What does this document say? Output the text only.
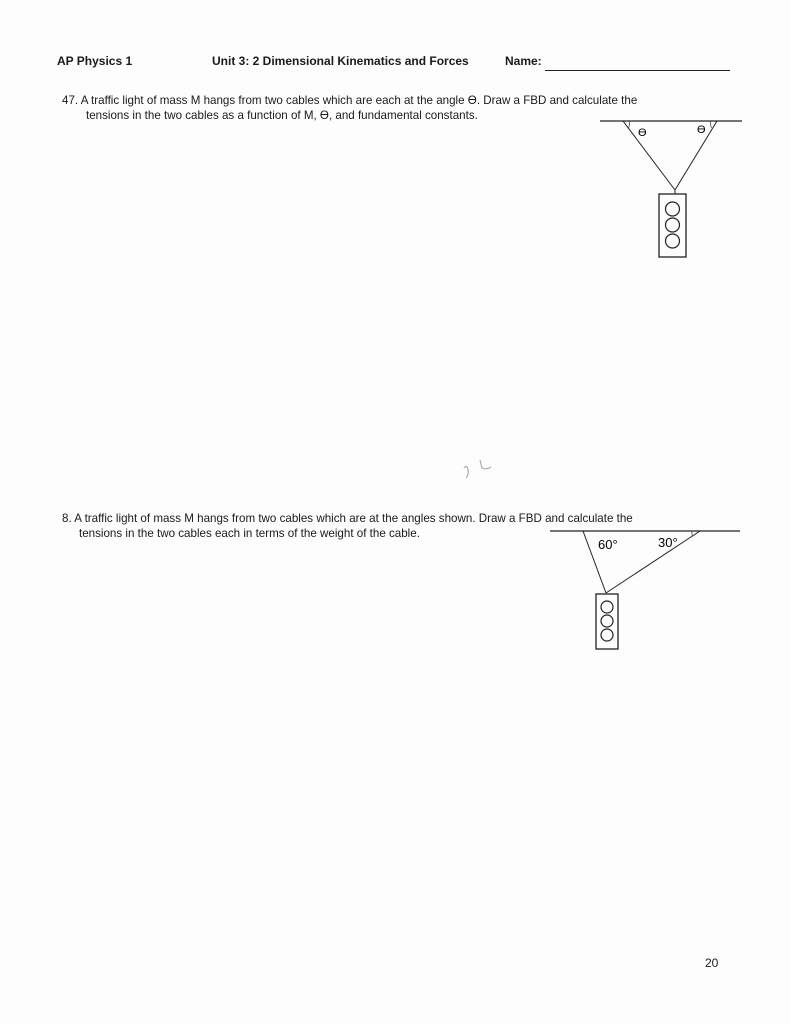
AP Physics 1	Unit 3: 2 Dimensional Kinematics and Forces	Name:
47. A traffic light of mass M hangs from two cables which are each at the angle ϴ. Draw a FBD and calculate the
tensions in the two cables as a function of M, ϴ, and fundamental constants.
ϴ	ϴ
8. A traffic light of mass M hangs from two cables which are at the angles shown. Draw a FBD and calculate the
tensions in the two cables each in terms of the weight of the cable.
60°	30°
20
